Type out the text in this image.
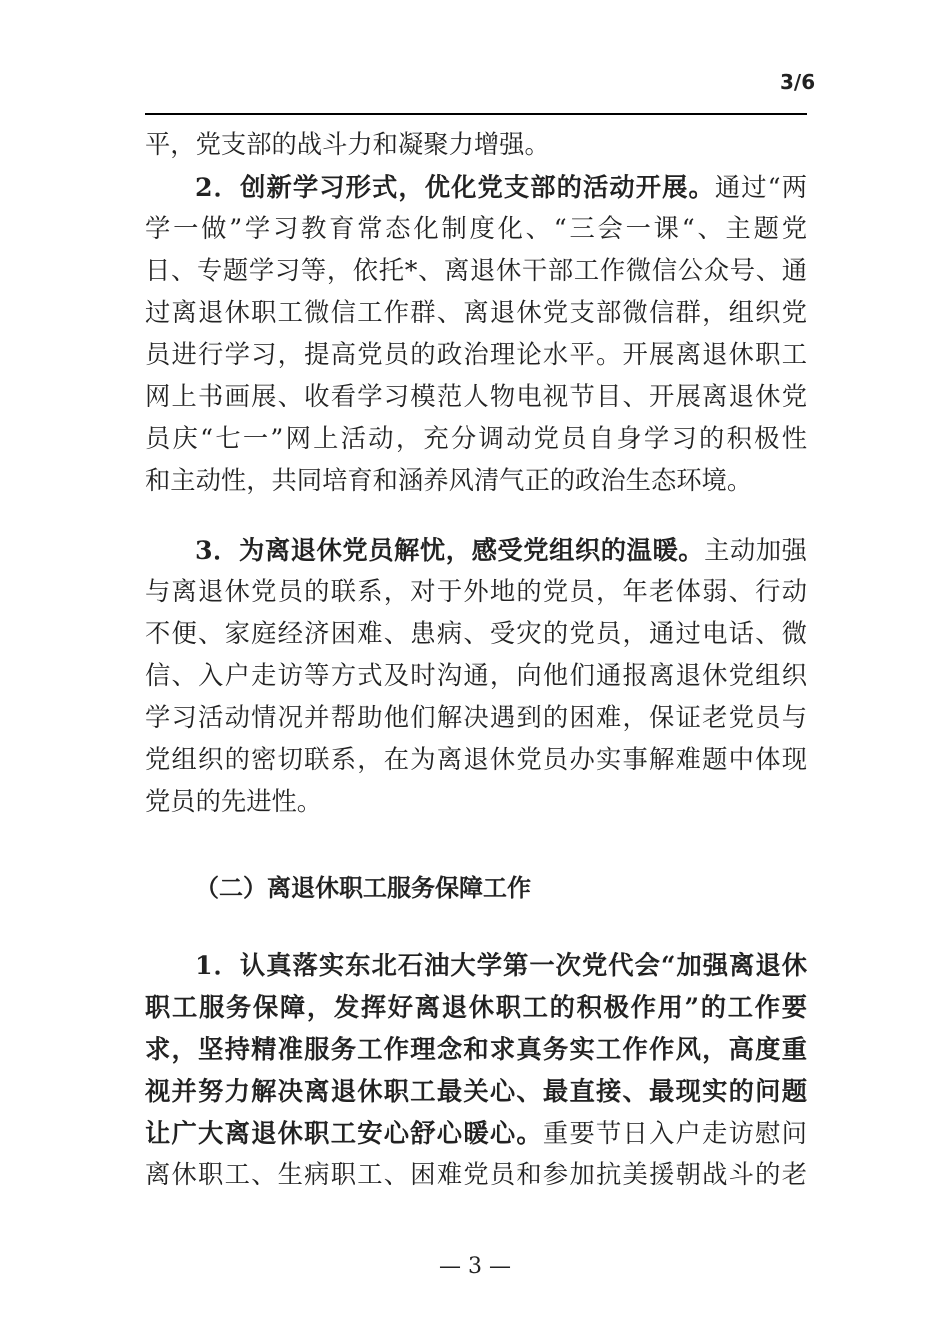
3/6
平，党支部的战斗力和凝聚力增强。
2．创新学习形式，优化党支部的活动开展。通过“两
学一做”学习教育常态化制度化、“三会一课“、主题党
日、专题学习等，依托*、离退休干部工作微信公众号、通
过离退休职工微信工作群、离退休党支部微信群，组织党
员进行学习，提高党员的政治理论水平。开展离退休职工
网上书画展、收看学习模范人物电视节目、开展离退休党
员庆“七一”网上活动，充分调动党员自身学习的积极性
和主动性，共同培育和涵养风清气正的政治生态环境。
3．为离退休党员解忧，感受党组织的温暖。主动加强
与离退休党员的联系，对于外地的党员，年老体弱、行动
不便、家庭经济困难、患病、受灾的党员，通过电话、微
信、入户走访等方式及时沟通，向他们通报离退休党组织
学习活动情况并帮助他们解决遇到的困难，保证老党员与
党组织的密切联系，在为离退休党员办实事解难题中体现
党员的先进性。
（二）离退休职工服务保障工作
1．认真落实东北石油大学第一次党代会“加强离退休
职工服务保障，发挥好离退休职工的积极作用”的工作要
求，坚持精准服务工作理念和求真务实工作作风，高度重
视并努力解决离退休职工最关心、最直接、最现实的问题
让广大离退休职工安心舒心暖心。重要节日入户走访慰问
离休职工、生病职工、困难党员和参加抗美援朝战斗的老
— 3 —
